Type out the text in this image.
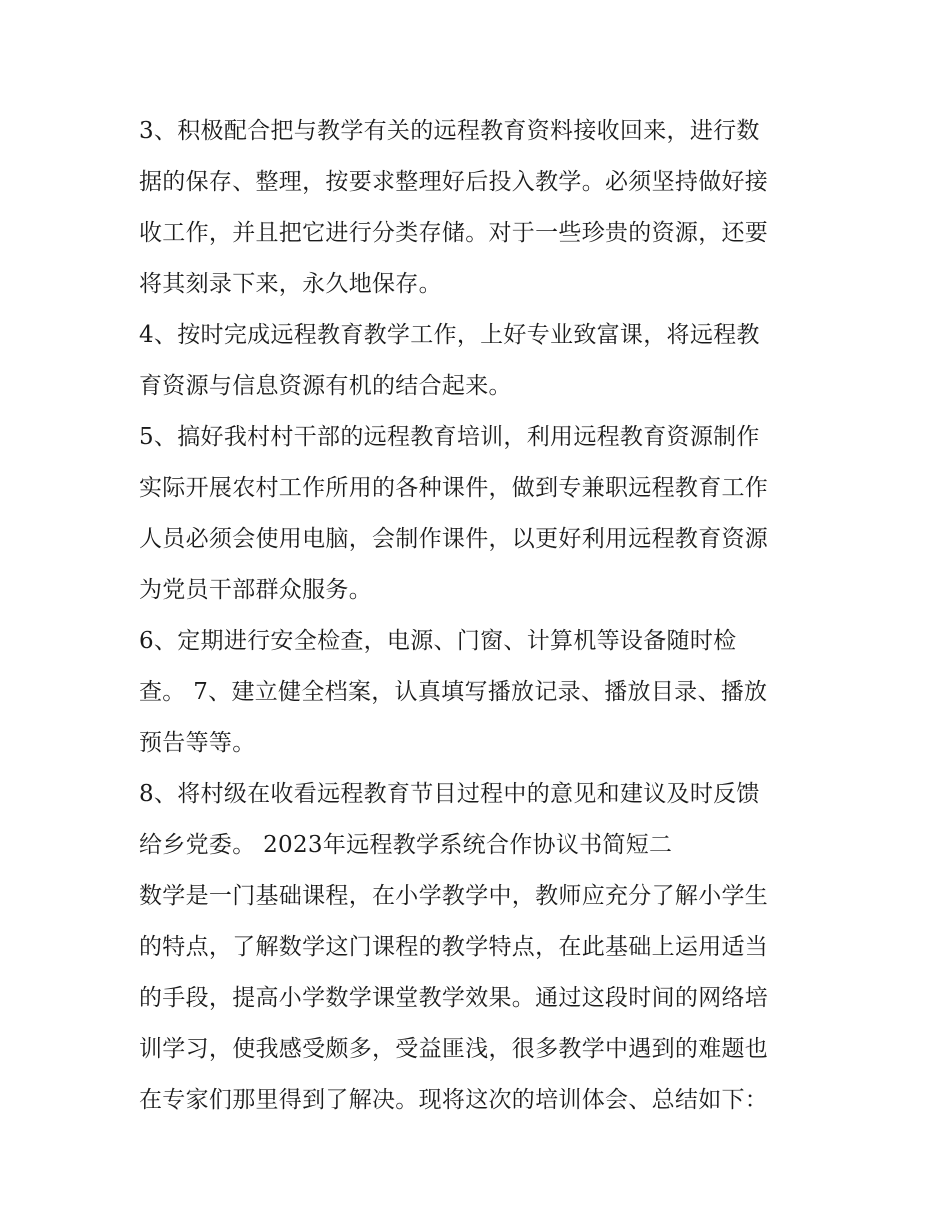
3、积极配合把与教学有关的远程教育资料接收回来，进行数
据的保存、整理，按要求整理好后投入教学。必须坚持做好接
收工作，并且把它进行分类存储。对于一些珍贵的资源，还要
将其刻录下来，永久地保存。
4、按时完成远程教育教学工作，上好专业致富课，将远程教
育资源与信息资源有机的结合起来。
5、搞好我村村干部的远程教育培训，利用远程教育资源制作
实际开展农村工作所用的各种课件，做到专兼职远程教育工作
人员必须会使用电脑，会制作课件，以更好利用远程教育资源
为党员干部群众服务。
6、定期进行安全检查，电源、门窗、计算机等设备随时检
查。 7、建立健全档案，认真填写播放记录、播放目录、播放
预告等等。
8、将村级在收看远程教育节目过程中的意见和建议及时反馈
给乡党委。 2023年远程教学系统合作协议书简短二
数学是一门基础课程，在小学教学中，教师应充分了解小学生
的特点，了解数学这门课程的教学特点，在此基础上运用适当
的手段，提高小学数学课堂教学效果。通过这段时间的网络培
训学习，使我感受颇多，受益匪浅，很多教学中遇到的难题也
在专家们那里得到了解决。现将这次的培训体会、总结如下：
